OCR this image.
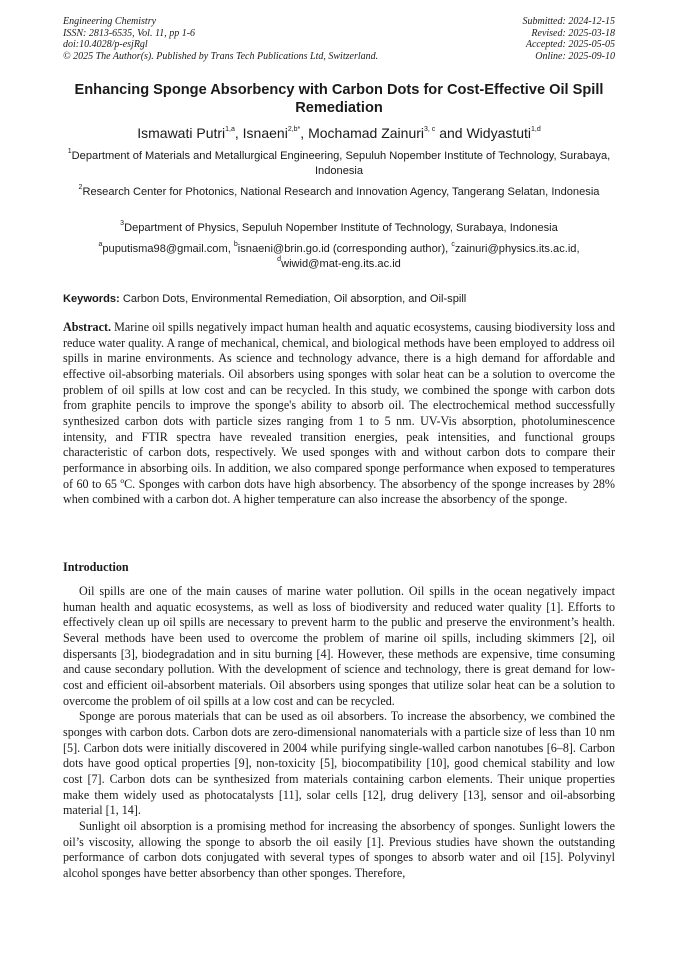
Engineering Chemistry
ISSN: 2813-6535, Vol. 11, pp 1-6
doi:10.4028/p-esjRgl
© 2025 The Author(s). Published by Trans Tech Publications Ltd, Switzerland.
Submitted: 2024-12-15
Revised: 2025-03-18
Accepted: 2025-05-05
Online: 2025-09-10
Enhancing Sponge Absorbency with Carbon Dots for Cost-Effective Oil Spill Remediation
Ismawati Putri$^{1,a}$, Isnaeni$^{2,b*}$, Mochamad Zainuri$^{3, c}$ and Widyastuti$^{1,d}$
$^1$Department of Materials and Metallurgical Engineering, Sepuluh Nopember Institute of Technology, Surabaya, Indonesia
$^2$Research Center for Photonics, National Research and Innovation Agency, Tangerang Selatan, Indonesia
$^3$Department of Physics, Sepuluh Nopember Institute of Technology, Surabaya, Indonesia
$^a$puputisma98@gmail.com, $^b$isnaeni@brin.go.id (corresponding author), $^c$zainuri@physics.its.ac.id, $^d$wiwid@mat-eng.its.ac.id
Keywords: Carbon Dots, Environmental Remediation, Oil absorption, and Oil-spill
Abstract. Marine oil spills negatively impact human health and aquatic ecosystems, causing biodiversity loss and reduce water quality. A range of mechanical, chemical, and biological methods have been employed to address oil spills in marine environments. As science and technology advance, there is a high demand for affordable and effective oil-absorbing materials. Oil absorbers using sponges with solar heat can be a solution to overcome the problem of oil spills at low cost and can be recycled. In this study, we combined the sponge with carbon dots from graphite pencils to improve the sponge's ability to absorb oil. The electrochemical method successfully synthesized carbon dots with particle sizes ranging from 1 to 5 nm. UV-Vis absorption, photoluminescence intensity, and FTIR spectra have revealed transition energies, peak intensities, and functional groups characteristic of carbon dots, respectively. We used sponges with and without carbon dots to compare their performance in absorbing oils. In addition, we also compared sponge performance when exposed to temperatures of 60 to 65 ºC. Sponges with carbon dots have high absorbency. The absorbency of the sponge increases by 28% when combined with a carbon dot. A higher temperature can also increase the absorbency of the sponge.
Introduction

Oil spills are one of the main causes of marine water pollution. Oil spills in the ocean negatively impact human health and aquatic ecosystems, as well as loss of biodiversity and reduced water quality [1]. Efforts to effectively clean up oil spills are necessary to prevent harm to the public and preserve the environment’s health. Several methods have been used to overcome the problem of marine oil spills, including skimmers [2], oil dispersants [3], biodegradation and in situ burning [4]. However, these methods are expensive, time consuming and cause secondary pollution. With the development of science and technology, there is great demand for low-cost and efficient oil-absorbent materials. Oil absorbers using sponges that utilize solar heat can be a solution to overcome the problem of oil spills at a low cost and can be recycled.

Sponge are porous materials that can be used as oil absorbers. To increase the absorbency, we combined the sponges with carbon dots. Carbon dots are zero-dimensional nanomaterials with a particle size of less than 10 nm [5]. Carbon dots were initially discovered in 2004 while purifying single-walled carbon nanotubes [6–8]. Carbon dots have good optical properties [9], non-toxicity [5], biocompatibility [10], good chemical stability and low cost [7]. Carbon dots can be synthesized from materials containing carbon elements. Their unique properties make them widely used as photocatalysts [11], solar cells [12], drug delivery [13], sensor and oil-absorbing material [1, 14].

Sunlight oil absorption is a promising method for increasing the absorbency of sponges. Sunlight lowers the oil’s viscosity, allowing the sponge to absorb the oil easily [1]. Previous studies have shown the outstanding performance of carbon dots conjugated with several types of sponges to absorb water and oil [15]. Polyvinyl alcohol sponges have better absorbency than other sponges. Therefore,
